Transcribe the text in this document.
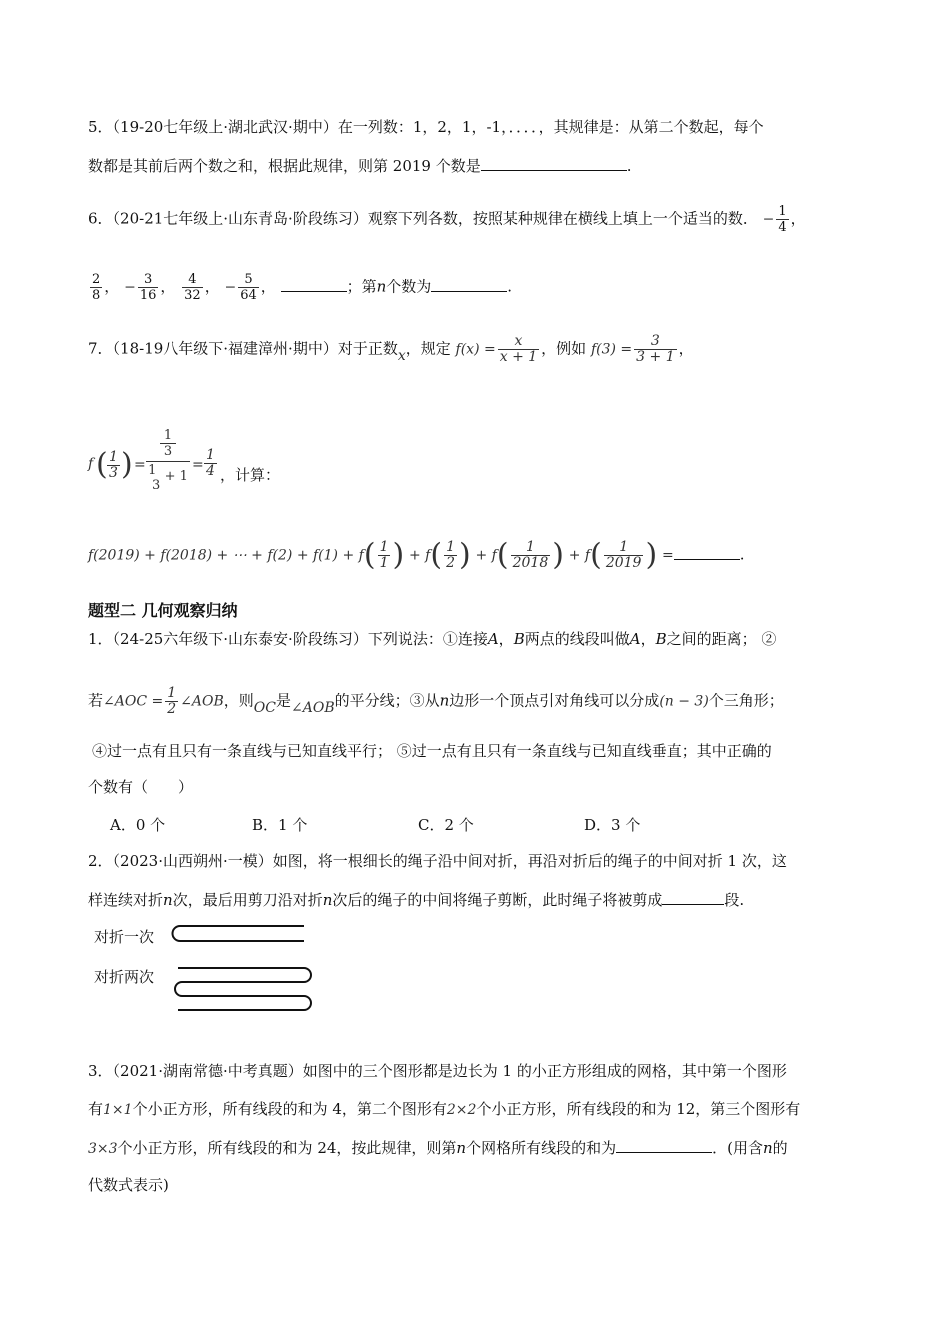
5．（19-20七年级上·湖北武汉·期中）在一列数：1，2，1，-1，．．．．，其规律是：从第二个数起，每个
数都是其前后两个数之和，根据此规律，则第 2019 个数是	.
6．（20-21七年级上·山东青岛·阶段练习）观察下列各数，按照某种规律在横线上填上一个适当的数． − $\frac{1}{4}$ ，
$\frac{2}{8}$ ， − $\frac{3}{16}$ ， $\frac{4}{32}$ ， − $\frac{5}{64}$ ，	；第n个数为	.
7．（18-19八年级下·福建漳州·期中）对于正数x，规定 $f(x) = \frac{x}{x + 1}$ ，例如 $f(3) = \frac{3}{3 + 1}$ ，
f ( $\frac{1}{3}$ ) =
1
3
1 + 1
3
= $\frac{1}{4}$ ，计算：
f(2019) + f(2018) + ⋯ + $f(2) + f(1) + f( \frac{1}{1}$ ) + $f( \frac{1}{2}$ ) + $f( \frac{1}{2018}$ ) + $f( \frac{1}{2019}$ ) =	.
题型二 几何观察归纳
1．（24-25六年级下·山东泰安·阶段练习）下列说法：①连接A，B两点的线段叫做A，B之间的距离； ②
若∠AOC = $\frac{1}{2}$ ∠AOB，则OC是∠AOB的平分线；③从n边形一个顶点引对角线可以分成(n − 3)个三角形；
④过一点有且只有一条直线与已知直线平行； ⑤过一点有且只有一条直线与已知直线垂直；其中正确的
个数有（　　）
A．0 个	B．1 个	C．2 个	D．3 个
2．（2023·山西朔州·一模）如图，将一根细长的绳子沿中间对折，再沿对折后的绳子的中间对折 1 次，这
样连续对折n次，最后用剪刀沿对折n次后的绳子的中间将绳子剪断，此时绳子将被剪成	段.
对折一次
对折两次
3．（2021·湖南常德·中考真题）如图中的三个图形都是边长为 1 的小正方形组成的网格，其中第一个图形
有1×1个小正方形，所有线段的和为 4，第二个图形有2×2个小正方形，所有线段的和为 12，第三个图形有
3×3个小正方形，所有线段的和为 24，按此规律，则第n个网格所有线段的和为	．(用含n的
代数式表示)
